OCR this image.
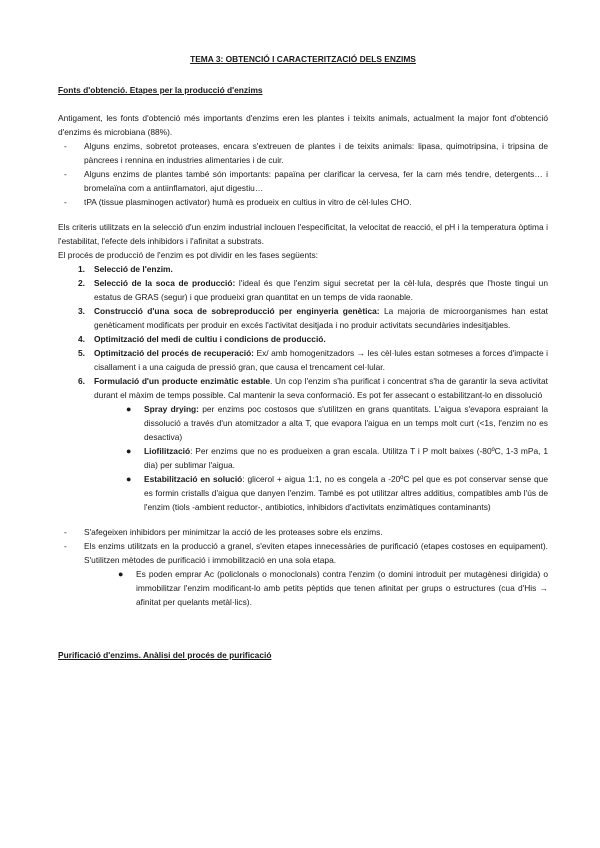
TEMA 3: OBTENCIÓ I CARACTERITZACIÓ DELS ENZIMS
Fonts d'obtenció. Etapes per la producció d'enzims

Antigament, les fonts d'obtenció més importants d'enzims eren les plantes i teixits animals, actualment la major font d'obtenció d'enzims és microbiana (88%).

- Alguns enzims, sobretot proteases, encara s'extreuen de plantes i de teixits animals: lipasa, quimotripsina, i tripsina de pàncrees i rennina en industries alimentaries i de cuir.
- Alguns enzims de plantes també són importants: papaïna per clarificar la cervesa, fer la carn més tendre, detergents… i bromelaïna com a antiinflamatori, ajut digestiu…
- tPA (tissue plasminogen activator) humà es produeix en cultius in vitro de cèl·lules CHO.

Els criteris utilitzats en la selecció d'un enzim industrial inclouen l'especificitat, la velocitat de reacció, el pH i la temperatura òptima i l'estabilitat, l'efecte dels inhibidors i l'afinitat a substrats.

El procés de producció de l'enzim es pot dividir en les fases següents:

1. Selecció de l'enzim.
2. Selecció de la soca de producció: l'ideal és que l'enzim sigui secretat per la cèl·lula, després que l'hoste tingui un estatus de GRAS (segur) i que produeixi gran quantitat en un temps de vida raonable.
3. Construcció d'una soca de sobreproducció per enginyeria genètica: La majoria de microorganismes han estat genèticament modificats per produir en excés l'activitat desitjada i no produir activitats secundàries indesitjables.
4. Optimització del medi de cultiu i condicions de producció.
5. Optimització del procés de recuperació: Ex/ amb homogenitzadors → les cèl·lules estan sotmeses a forces d'impacte i cisallament i a una caiguda de pressió gran, que causa el trencament cel·lular.
6. Formulació d'un producte enzimàtic estable. Un cop l'enzim s'ha purificat i concentrat s'ha de garantir la seva activitat durant el màxim de temps possible. Cal mantenir la seva conformació. Es pot fer assecant o estabilitzant-lo en dissolució
● Spray drying: per enzims poc costosos que s'utilitzen en grans quantitats. L'aigua s'evapora espraiant la dissolució a través d'un atomitzador a alta T, que evapora l'aigua en un temps molt curt (<1s, l'enzim no es desactiva)
● Liofilització: Per enzims que no es produeixen a gran escala. Utilitza T i P molt baixes (-80ºC, 1-3 mPa, 1 dia) per sublimar l'aigua.
● Estabilització en solució: glicerol + aigua 1:1, no es congela a -20ºC pel que es pot conservar sense que es formin cristalls d'aigua que danyen l'enzim. També es pot utilitzar altres additius, compatibles amb l'ús de l'enzim (tiols -ambient reductor-, antibiotics, inhibidors d'activitats enzimàtiques contaminants)
- S'afegeixen inhibidors per minimitzar la acció de les proteases sobre els enzims.
- Els enzims utilitzats en la producció a granel, s'eviten etapes innecessàries de purificació (etapes costoses en equipament). S'utilitzen mètodes de purificació i immobilització en una sola etapa.
● Es poden emprar Ac (policlonals o monoclonals) contra l'enzim (o domini introduit per mutagènesi dirigida) o immobilitzar l'enzim modificant-lo amb petits pèptids que tenen afinitat per grups o estructures (cua d'His → afinitat per quelants metàl·lics).
Purificació d'enzims. Anàlisi del procés de purificació
